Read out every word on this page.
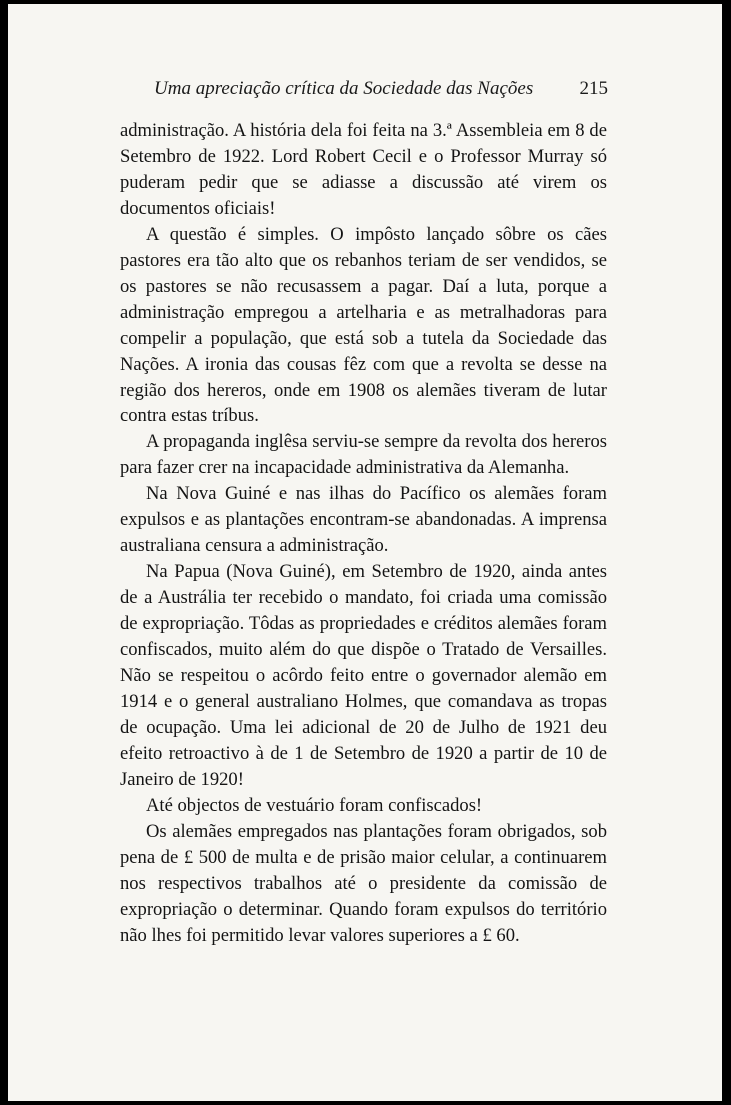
Uma apreciação crítica da Sociedade das Nações 215

administração. A história dela foi feita na 3.ª Assembleia em 8 de Setembro de 1922. Lord Robert Cecil e o Professor Murray só puderam pedir que se adiasse a discussão até virem os documentos oficiais!

A questão é simples. O impôsto lançado sôbre os cães pastores era tão alto que os rebanhos teriam de ser vendidos, se os pastores se não recusassem a pagar. Daí a luta, porque a administração empregou a artelharia e as metralhadoras para compelir a população, que está sob a tutela da Sociedade das Nações. A ironia das cousas fêz com que a revolta se desse na região dos hereros, onde em 1908 os alemães tiveram de lutar contra estas tríbus.

A propaganda inglêsa serviu-se sempre da revolta dos hereros para fazer crer na incapacidade administrativa da Alemanha.

Na Nova Guiné e nas ilhas do Pacífico os alemães foram expulsos e as plantações encontram-se abandonadas. A imprensa australiana censura a administração.

Na Papua (Nova Guiné), em Setembro de 1920, ainda antes de a Austrália ter recebido o mandato, foi criada uma comissão de expropriação. Tôdas as propriedades e créditos alemães foram confiscados, muito além do que dispõe o Tratado de Versailles. Não se respeitou o acôrdo feito entre o governador alemão em 1914 e o general australiano Holmes, que comandava as tropas de ocupação. Uma lei adicional de 20 de Julho de 1921 deu efeito retroactivo à de 1 de Setembro de 1920 a partir de 10 de Janeiro de 1920!

Até objectos de vestuário foram confiscados!

Os alemães empregados nas plantações foram obrigados, sob pena de £ 500 de multa e de prisão maior celular, a continuarem nos respectivos trabalhos até o presidente da comissão de expropriação o determinar. Quando foram expulsos do território não lhes foi permitido levar valores superiores a £ 60.
